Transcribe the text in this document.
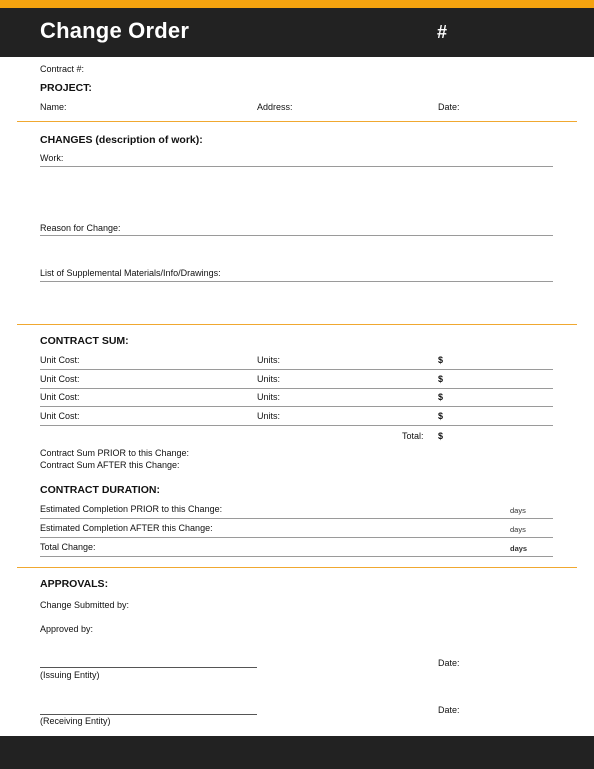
Change Order	#
Contract #:
PROJECT:
Name:	Address:	Date:
CHANGES (description of work):
Work:
Reason for Change:
List of Supplemental Materials/Info/Drawings:
CONTRACT SUM:
Unit Cost:	Units:	$
Unit Cost:	Units:	$
Unit Cost:	Units:	$
Unit Cost:	Units:	$
Total: $
Contract Sum PRIOR to this Change:
Contract Sum AFTER this Change:
CONTRACT DURATION:
Estimated Completion PRIOR to this Change:	days
Estimated Completion AFTER this Change:	days
Total Change:	days
APPROVALS:
Change Submitted by:
Approved by:
(Issuing Entity)
Date:
(Receiving Entity)
Date:
